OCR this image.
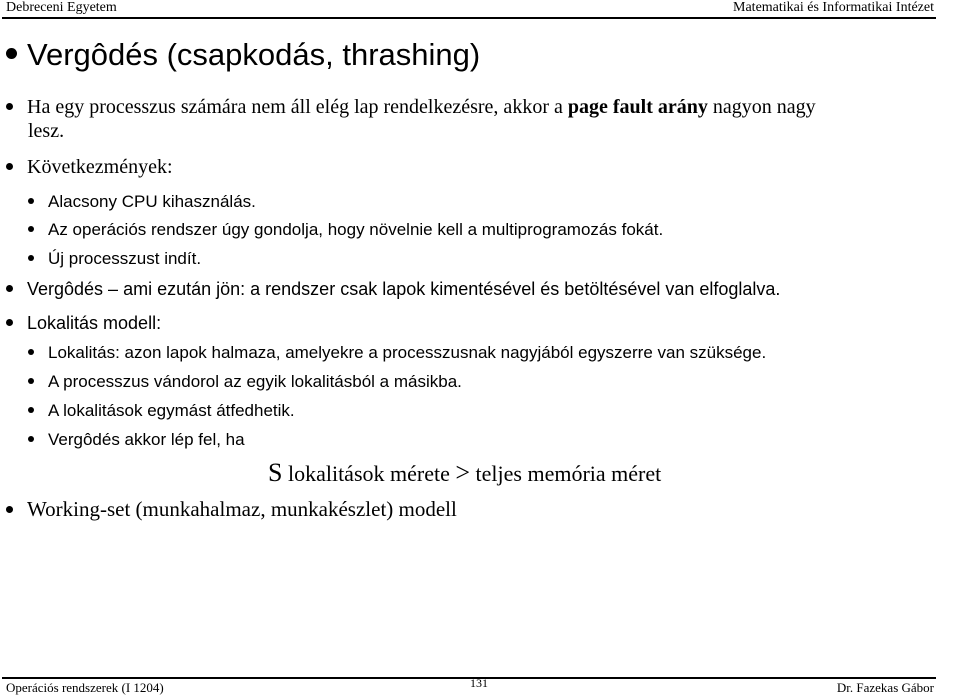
Debreceni Egyetem	Matematikai és Informatikai Intézet
Vergôdés (csapkodás, thrashing)
Ha egy processzus számára nem áll elég lap rendelkezésre, akkor a page fault arány nagyon nagy
lesz.
Következmények:
Alacsony CPU kihasználás.
Az operációs rendszer úgy gondolja, hogy növelnie kell a multiprogramozás fokát.
Új processzust indít.
Vergôdés – ami ezután jön: a rendszer csak lapok kimentésével és betöltésével van elfoglalva.
Lokalitás modell:
Lokalitás: azon lapok halmaza, amelyekre a processzusnak nagyjából egyszerre van szüksége.
A processzus vándorol az egyik lokalitásból a másikba.
A lokalitások egymást átfedhetik.
Vergôdés akkor lép fel, ha
S lokalitások mérete > teljes memória méret
Working-set (munkahalmaz, munkakészlet) modell
Operációs rendszerek (I 1204)	131	Dr. Fazekas Gábor
